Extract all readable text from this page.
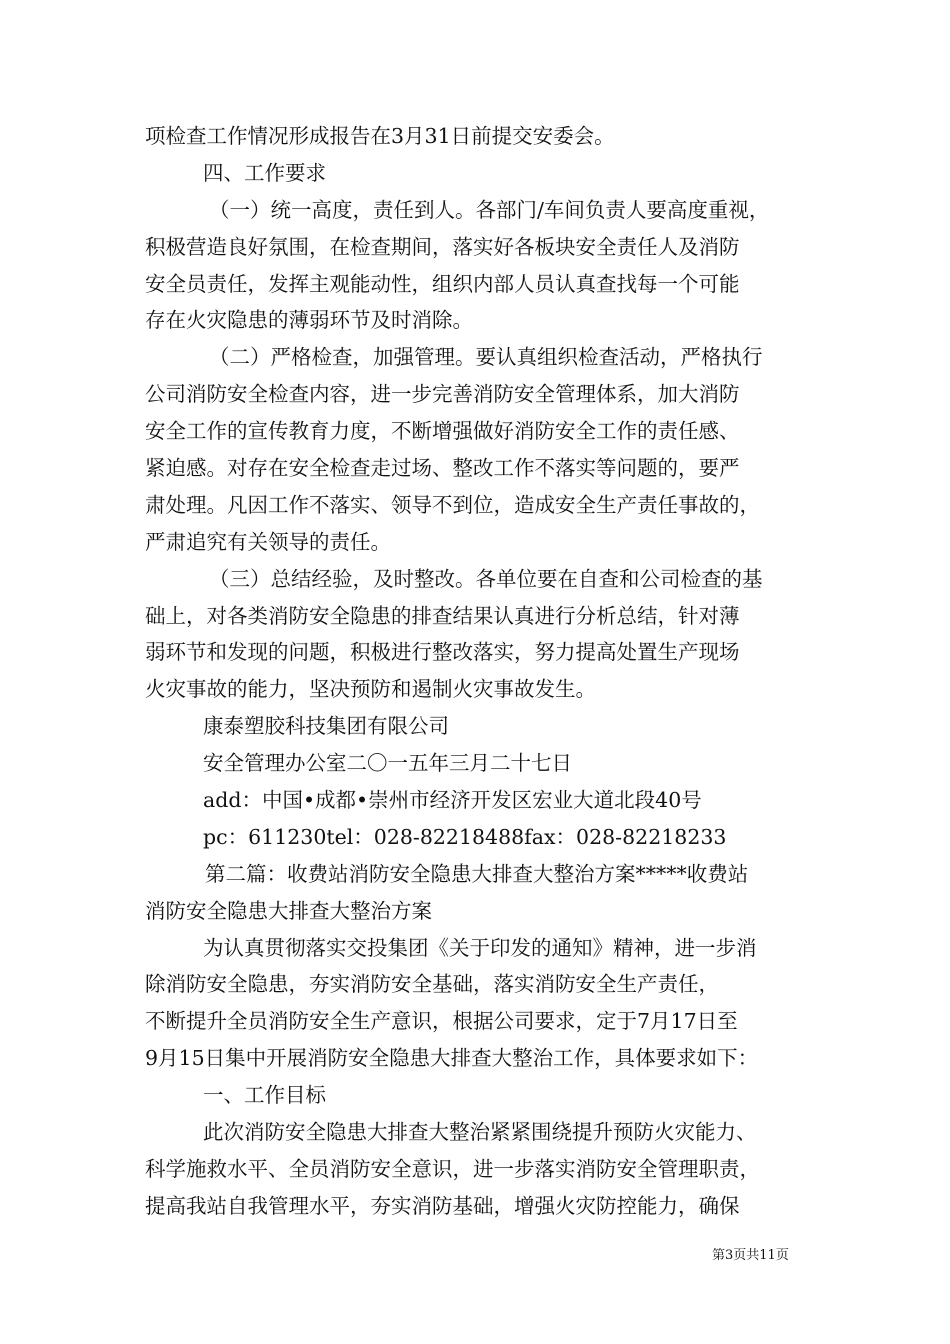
项检查工作情况形成报告在3月31日前提交安委会。
四、工作要求
（一）统一高度，责任到人。各部门/车间负责人要高度重视，
积极营造良好氛围，在检查期间，落实好各板块安全责任人及消防
安全员责任，发挥主观能动性，组织内部人员认真查找每一个可能
存在火灾隐患的薄弱环节及时消除。
（二）严格检查，加强管理。要认真组织检查活动，严格执行
公司消防安全检查内容，进一步完善消防安全管理体系，加大消防
安全工作的宣传教育力度，不断增强做好消防安全工作的责任感、
紧迫感。对存在安全检查走过场、整改工作不落实等问题的，要严
肃处理。凡因工作不落实、领导不到位，造成安全生产责任事故的，
严肃追究有关领导的责任。
（三）总结经验，及时整改。各单位要在自查和公司检查的基
础上，对各类消防安全隐患的排查结果认真进行分析总结，针对薄
弱环节和发现的问题，积极进行整改落实，努力提高处置生产现场
火灾事故的能力，坚决预防和遏制火灾事故发生。
康泰塑胶科技集团有限公司
安全管理办公室二〇一五年三月二十七日
add：中国•成都•崇州市经济开发区宏业大道北段40号
pc：611230tel：028-82218488fax：028-82218233
第二篇：收费站消防安全隐患大排查大整治方案*****收费站
消防安全隐患大排查大整治方案
为认真贯彻落实交投集团《关于印发的通知》精神，进一步消
除消防安全隐患，夯实消防安全基础，落实消防安全生产责任，
不断提升全员消防安全生产意识，根据公司要求，定于7月17日至
9月15日集中开展消防安全隐患大排查大整治工作，具体要求如下：
一、工作目标
此次消防安全隐患大排查大整治紧紧围绕提升预防火灾能力、
科学施救水平、全员消防安全意识，进一步落实消防安全管理职责，
提高我站自我管理水平，夯实消防基础，增强火灾防控能力，确保
第3页共11页
